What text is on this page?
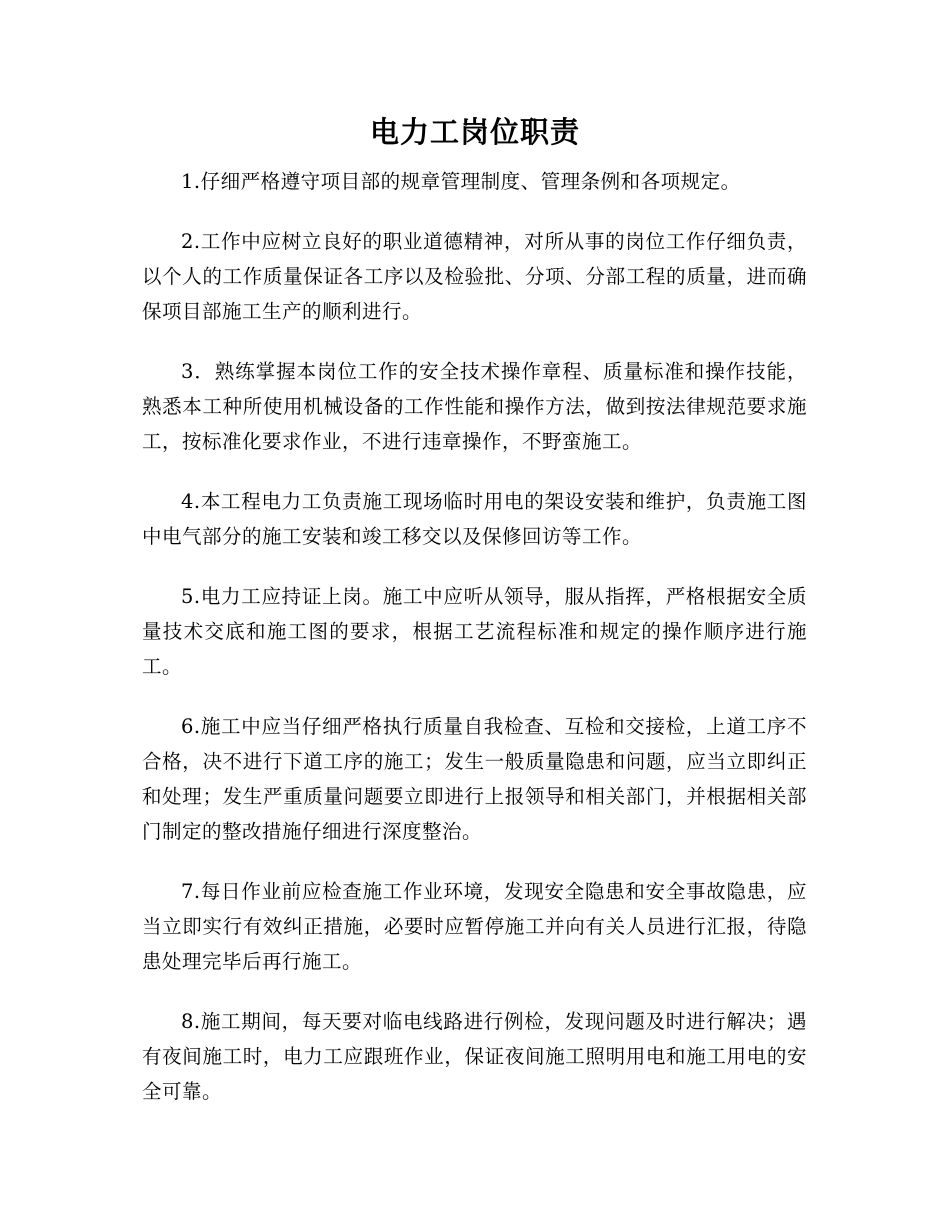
电力工岗位职责

1.仔细严格遵守项目部的规章管理制度、管理条例和各项规定。

2.工作中应树立良好的职业道德精神，对所从事的岗位工作仔细负责，以个人的工作质量保证各工序以及检验批、分项、分部工程的质量，进而确保项目部施工生产的顺利进行。

3．熟练掌握本岗位工作的安全技术操作章程、质量标准和操作技能，熟悉本工种所使用机械设备的工作性能和操作方法，做到按法律规范要求施工，按标准化要求作业，不进行违章操作，不野蛮施工。

4.本工程电力工负责施工现场临时用电的架设安装和维护，负责施工图中电气部分的施工安装和竣工移交以及保修回访等工作。

5.电力工应持证上岗。施工中应听从领导，服从指挥，严格根据安全质量技术交底和施工图的要求，根据工艺流程标准和规定的操作顺序进行施工。

6.施工中应当仔细严格执行质量自我检查、互检和交接检，上道工序不合格，决不进行下道工序的施工；发生一般质量隐患和问题，应当立即纠正和处理；发生严重质量问题要立即进行上报领导和相关部门，并根据相关部门制定的整改措施仔细进行深度整治。

7.每日作业前应检查施工作业环境，发现安全隐患和安全事故隐患，应当立即实行有效纠正措施，必要时应暂停施工并向有关人员进行汇报，待隐患处理完毕后再行施工。

8.施工期间，每天要对临电线路进行例检，发现问题及时进行解决；遇有夜间施工时，电力工应跟班作业，保证夜间施工照明用电和施工用电的安全可靠。
